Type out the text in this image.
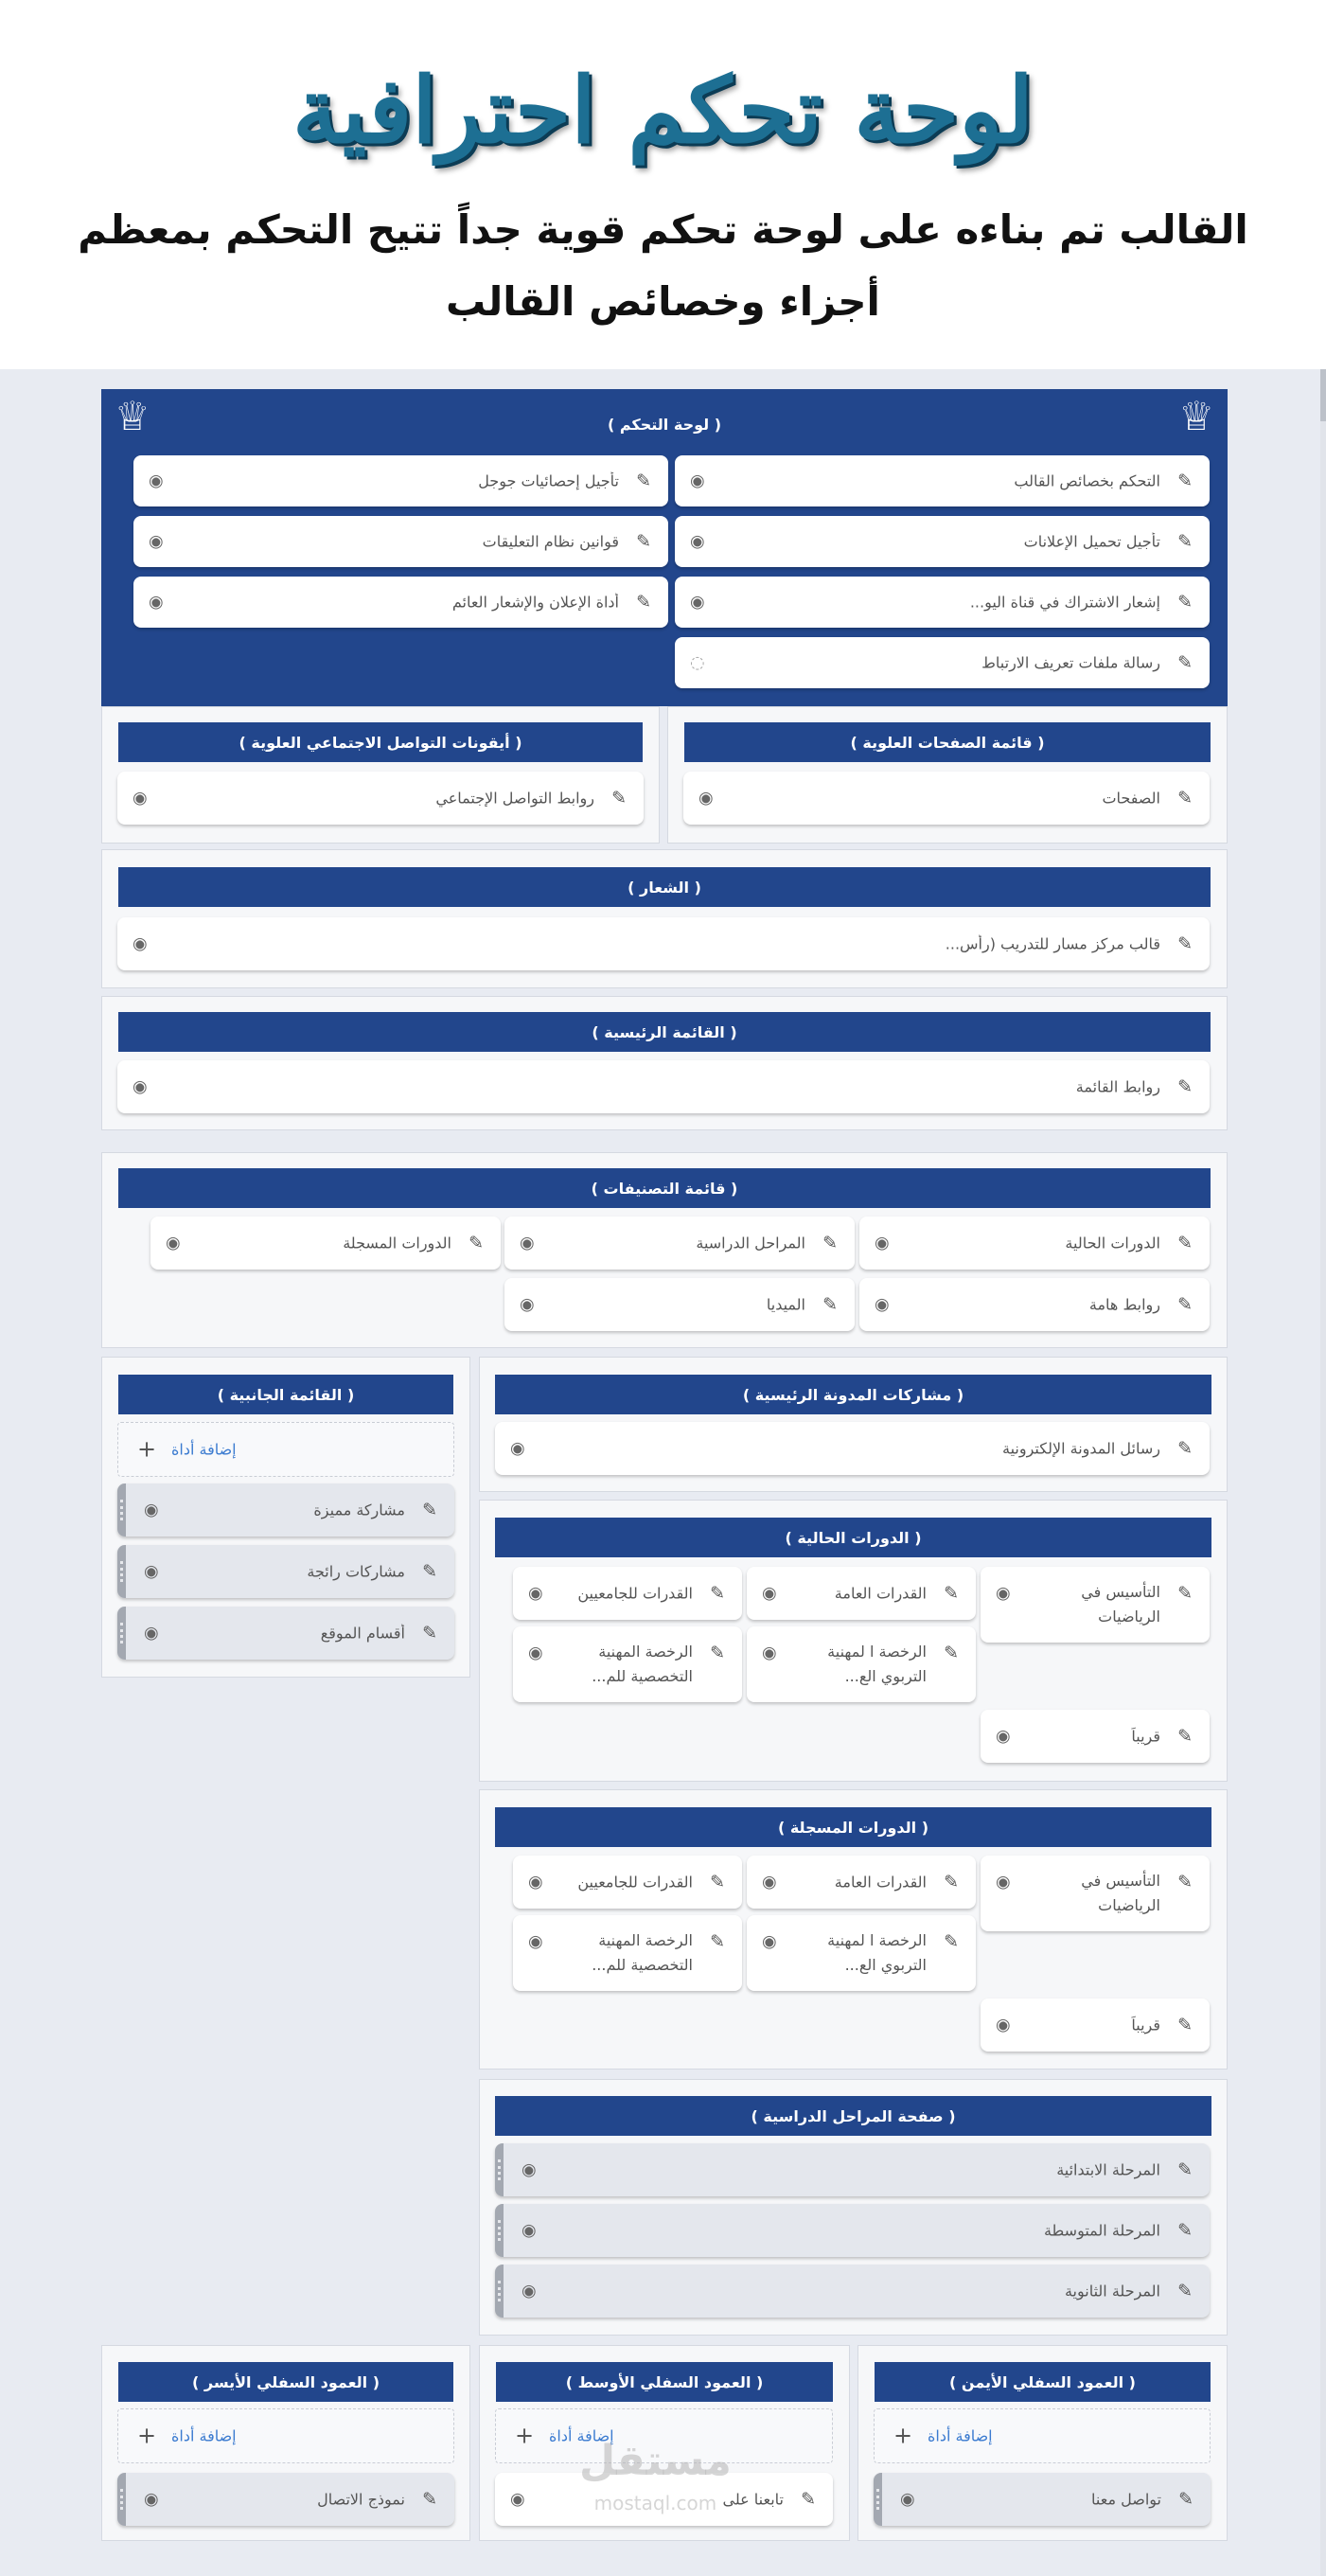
لوحة تحكم احترافية
القالب تم بناءه على لوحة تحكم قوية جداً تتيح التحكم بمعظم أجزاء وخصائص القالب
♕
♕	( لوحة التحكم )
( قائمة الصفحات العلوية )
( أيقونات التواصل الاجتماعي العلوية )
( الشعار )
( القائمة الرئيسية )
( قائمة التصنيفات )
( القائمة الجانبية )	( مشاركات المدونة الرئيسية )
( الدورات الحالية )
( الدورات المسجلة )
( صفحة المراحل الدراسية )
( العمود السفلي الأيمن )
( العمود السفلي الأوسط )
( العمود السفلي الأيسر )
✎
التحكم بخصائص القالب
◉
✎
تأجيل إحصائيات جوجل
◉
✎
تأجيل تحميل الإعلانات
◉
✎
قوانين نظام التعليقات
◉
✎
إشعار الاشتراك في قناة اليو...
◉
✎
أداة الإعلان والإشعار العائم
◉
✎
رسالة ملفات تعريف الارتباط
◌
✎
الصفحات
◉
✎
روابط التواصل الإجتماعي
◉
✎
قالب مركز مسار للتدريب (رأس...
◉
✎
روابط القائمة
◉
✎
الدورات الحالية
◉
✎
المراحل الدراسية
◉
✎
الدورات المسجلة
◉
✎
روابط هامة
◉
✎
الميديا
◉
✎
مشاركة مميزة
◉
✎
مشاركات رائجة
◉
✎
أقسام الموقع
◉
✎
رسائل المدونة الإلكترونية
◉
✎
التأسيس في الرياضيات
◉
✎
القدرات العامة
◉
✎
القدرات للجامعيين
◉
✎
الرخصة ا لمهنية التربوي الع...
◉
✎
الرخصة المهنية التخصصية للم...
◉
✎
قريباً
◉
✎
التأسيس في الرياضيات
◉
✎
القدرات العامة
◉
✎
القدرات للجامعيين
◉
✎
الرخصة ا لمهنية التربوي الع...
◉
✎
الرخصة المهنية التخصصية للم...
◉
✎
قريباً
◉
✎
المرحلة الابتدائية
◉
✎
المرحلة المتوسطة
◉
✎
المرحلة الثانوية
◉
✎
تواصل معنا
◉
✎
تابعنا على
◉
✎
نموذج الاتصال
◉
+ إضافة أداة
+ إضافة أداة
+ إضافة أداة
+ إضافة أداة
مستقل
mostaql.com
